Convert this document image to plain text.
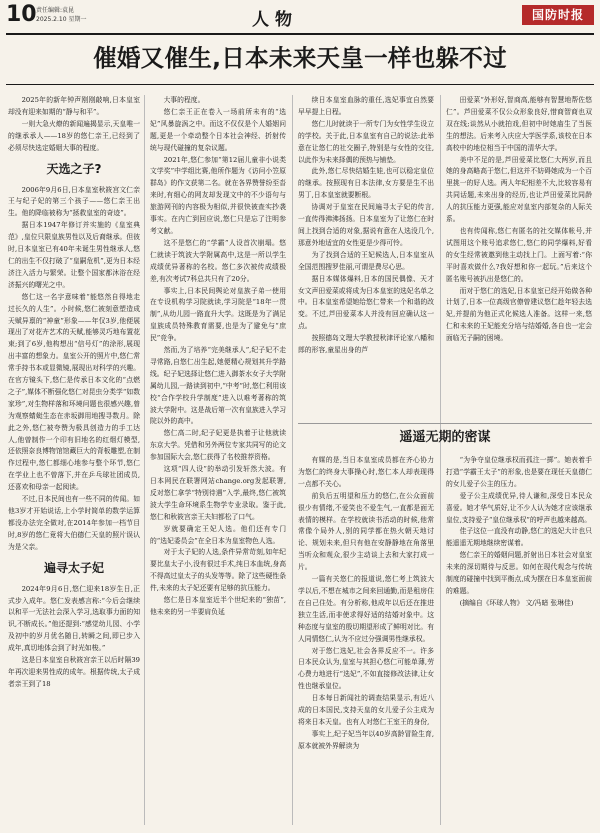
10 责任编辑:袁昆
2025.2.10 星期一	人物	国防时报
催婚又催生,日本未来天皇一样也躲不过

2025年的新年钟声刚刚敲响,日本皇室却没有迎来如期的“静与和平”。

一则大急火燎的新闻遍揭显示,天皇唯一的继承承人——18岁的悠仁亲王,已经到了必须尽快选定婚姻大事的程度。

天选之子?

2006年9月6日,日本皇室秋筱宫文仁亲王与纪子妃的第三个孩子——悠仁亲王出生。他的降临被称为“拯救皇室的奇迹”。

据日本1947年修订并实施的《皇室典范》,皇位只限皇族男性以及后裔继承。但彼时,日本皇室已有40年未诞生男性继承人,悠仁的出生不仅打破了“皇嗣危机”,更为日本经济注入活力与繁荣。让整个国家都沐浴在经济振兴的曙光之中。

悠仁这一名字意味着“能悠然自得地走过长久的人生”。小时候,悠仁被刻意塑造成天赋异禀的“神童”形象——年仅3岁,他便展现出了对花卉艺术的天赋,能够灵巧地布置花束;到了6岁,他构想出“信号灯”的涂形,展现出丰富的想象力。皇室公开的照片中,悠仁常常手持书本或显微镜,展现出对科学的兴趣。在官方镜头下,悠仁是传承日本文化的“点燃之子”,媒体不断强化悠仁对昆虫分类学“如数家珍”,对生物样落和环境问题也很感兴趣,曾为观察蜻蜓生态在赤坂御用地搜寻数月。除此之外,悠仁被夸赞为极具创造力的手工达人,他曾制作一个印有旧地名的红烟灯模型,还依照奈良博物馆馆藏巨大的背板雕塑,在制作过程中,悠仁都细心地参与整个环节,悠仁在学业上也不曾落下,并在乒乓球社团成员,还喜欢和母亲一起阅读。

不过,日本民间也有一些不同的传闻。如他3岁才开始说话,上小学时简单的数学运算都没办法完全做对,在2014年参加一档节目时,8岁的悠仁竟将大伯德仁天皇的照片误认为是父亲。

遍寻太子妃

2024年9月6日,悠仁迎来18岁生日,正式步入成年。悠仁发表感言称:“今后会继续以和平一无法社会深入学习,选取事力面的知识,不断成长。”他还提到:“感觉幼儿园、小学及初中的岁月优名随日,转瞬之间,即已步入成年,真切地体会到了时光如梭。”

这是日本皇室自秋筱宫亲王以后时隔39年再次迎来男性成的成年。根据传统,太子成者亲王到了18

大事的程度。

悠仁亲王正在卷入一场前所未有的“选妃”风暴旋涡之中。而这不仅仅是个人婚姻问题,更是一个牵动整个日本社会神经、折射传统与现代碰撞的复杂议题。

2021年,悠仁参加“第12届儿童非小说类文学奖”中学组比赛,他所作题为《访问小笠原群岛》的作文获第二名。就在各界赞誉纷至沓来时,有细心的网友却发现文中的不少语句与旅游网刊的内容极为相似,并很快被查实抄袭事实。在内亡到回应说,悠仁只是忘了注明参考文献。

这不是悠仁的“学霸”人设首次崩塌。悠仁就读于筑波大学附属高中,这是一所以学生成绩优异著称的名校。悠仁多次被传成绩极差,有次考试7科总共只有了20分。

事实上,日本民间舆论对皇族子弟一使用在专设机构学习院就读,学习院是“18年一贯制”,从幼儿园一路直升大学。这既是为了满足皇族成员特殊教育需要,也是为了避免与“庶民”竞争。

然而,为了培养“完美继承人”,纪子妃不走寻常路,自悠仁出生起,她便精心规划其升学路线。纪子妃选择让悠仁进入御茶水女子大学附属幼儿园,一路读到初中,“中考”时,悠仁利用该校“合作学校升学制度”进入以难考著称的筑波大学附中。这是战后第一次有皇族进入学习院以外的高中。

悠仁高二时,纪子妃更是执着于让他就读东京大学。凭借和另外两位专家共同写的论文参加国际大会,悠仁获得了名校推荐资格。

这项“四人设”的举动引发轩然大波。有日本网民在联署网站change.org发起联署,反对悠仁拿学“特别待遇”入学,最终,悠仁被筑波大学生命环境系生物学专业录取。鉴于此,悠仁和秋筱宫亲王夫妇都松了口气。

岁就要确定王妃人选。他们还有专门的“选妃委员会”在全日本为皇室物色人选。

对于太子妃的人选,条件异常苛刻,如年纪要比皇太子小,没有很过手术,纯日本血统,身高不得高过皇太子的头发等等。除了这些硬性条件,未来的太子妃还要有足够的抗压能力。

悠仁是日本皇室近半个世纪来的“独苗”,他未来的另一半要肩负延

续日本皇室血脉的重任,选妃事宜自然要早早提上日程。

悠仁儿时就读于一所专门为女性学生设立的学校。关于此,日本皇室有自己的说法:此举意在让悠仁的社交圈子,特别是与女性的交往,以此作为未来择偶的预热与铺垫。

此外,悠仁尽快结婚生娃,也可以稳定皇位的继承。按照现有日本法律,女方要是生不出男丁,日本皇室就要断根。

协调对于皇室在民间遍寻太子妃的传言,一直传得沸沸扬扬。日本皇室为了让悠仁在时间上找到合适的对象,据说有意在人选没几个,那意外地适宜的女性更是少得可怜。

为了找到合适的王妃候选人,日本皇室从全国范围搜罗佳丽,可谓是费尽心思。

据日本媒体爆料,日本的国民偶像、天才女文声田爱菜或将成为日本皇室的选妃名单之中。日本皇室希望她给悠仁带来一个和谐的改变。不过,芦田爱菜本人并没有回应确认这一点。

按照德岛文理大学教授秋津评论家八幡和郎的形容,童星出身的芦

田爱菜“外形好,智商高,能够有智慧地帮佐悠仁”。芦田爱菜不仅公众形象良好,惜商智商也双双在线;谈然从小就拍戏,但初中时她庙生了当医生的想法。后来考入庆应大学医学系,该校在日本高校中的地位相当于中国的清华大学。

美中不足的是,芦田爱菜比悠仁大两岁,而且她的身高略高于悠仁,但这并不妨碍她成为一个百里挑一的好人选。两人年纪相差不大,比较容易有共同话题,未来出身的经历,也让芦田爱菜比同龄人的抗压能力更强,能应对皇室内部复杂的人际关系。

也有传闻称,悠仁有匿名的社交媒体帐号,并试图用这个账号追求悠仁,悠仁的同学爆料,好看的女生经常被邀到他主动找上门。上面写着:“你平时喜欢做什么?我好想和你一起玩。”后来这个匿名账号被扒出是悠仁的。

而对于悠仁的选妃,日本皇室已经开始做各种计划了,日本一位高级官僚曾建议悠仁趁年轻去选妃,并提前为他正式化候选人准备。这样一来,悠仁和未来的王妃能充分培与结婚婚,各自也一定会面临无子嗣的困境。

遥遥无期的密谋

有媒的是,当日本皇室成员都在齐心协力为悠仁的终身大事操心时,悠仁本人却表现得一点都不关心。

前负后五明望和压力的悠仁,在公众面前很少有情绪,不爱笑也不爱生气,一直都是面无表情的模样。在学校就读书活动的时候,他常常像个局外人,别的同学都在热火朝天地讨论、规划未来,但只有他在安静静地在角落里当听众和观众,很少主动谈上去和大家打成一片。

一篇有关悠仁的报道说,悠仁考上筑波大学以后,不想在城市之间来回通勤,而是租房住在自己住处。有分析称,他成年以后还在推进独立生活,而非使求得好适的结婚对象中。这种态度与皇室的殷切期望形成了鲜明对比。有人同情悠仁,认为不应过分强调男性继承权。

对于悠仁选妃,社会各界反应不一。许多日本民众认为,皇室与其担心悠仁可能单薄,劳心费力地进行“选妃”,不如直接修改法律,让女性也继承皇位。

日本每日新闻社的调查结果显示,有近八成的日本国民,支持天皇的女儿爱子公主成为将来日本天皇。也有人对悠仁王室王的身份,

事实上,纪子妃当年以40岁高龄冒险生育,原本就被外界解读为

“为争夺皇位继承权而孤注一掷”。她表着手打造“学霸王太子”的形象,也是要在现任天皇德仁的女儿爱子公主的压力。

爱子公主成绩优异,待人谦和,深受日本民众喜爱。她才华气质好,让不少人认为她才应该继承皇位,支持爱子“皇位继承权”的呼声也越来越高。

佳子这位一直没有动静,悠仁的选妃大计也只能遥遥无期地继续密谋着。

悠仁亲王的婚姻问题,折射出日本社会对皇室未来的深切期待与反思。如何在现代观念与传统制度的碰撞中找到平衡点,成为摆在日本皇室面前的难题。

(摘编自《环球人物》 文/冯暗 张琳佳)
